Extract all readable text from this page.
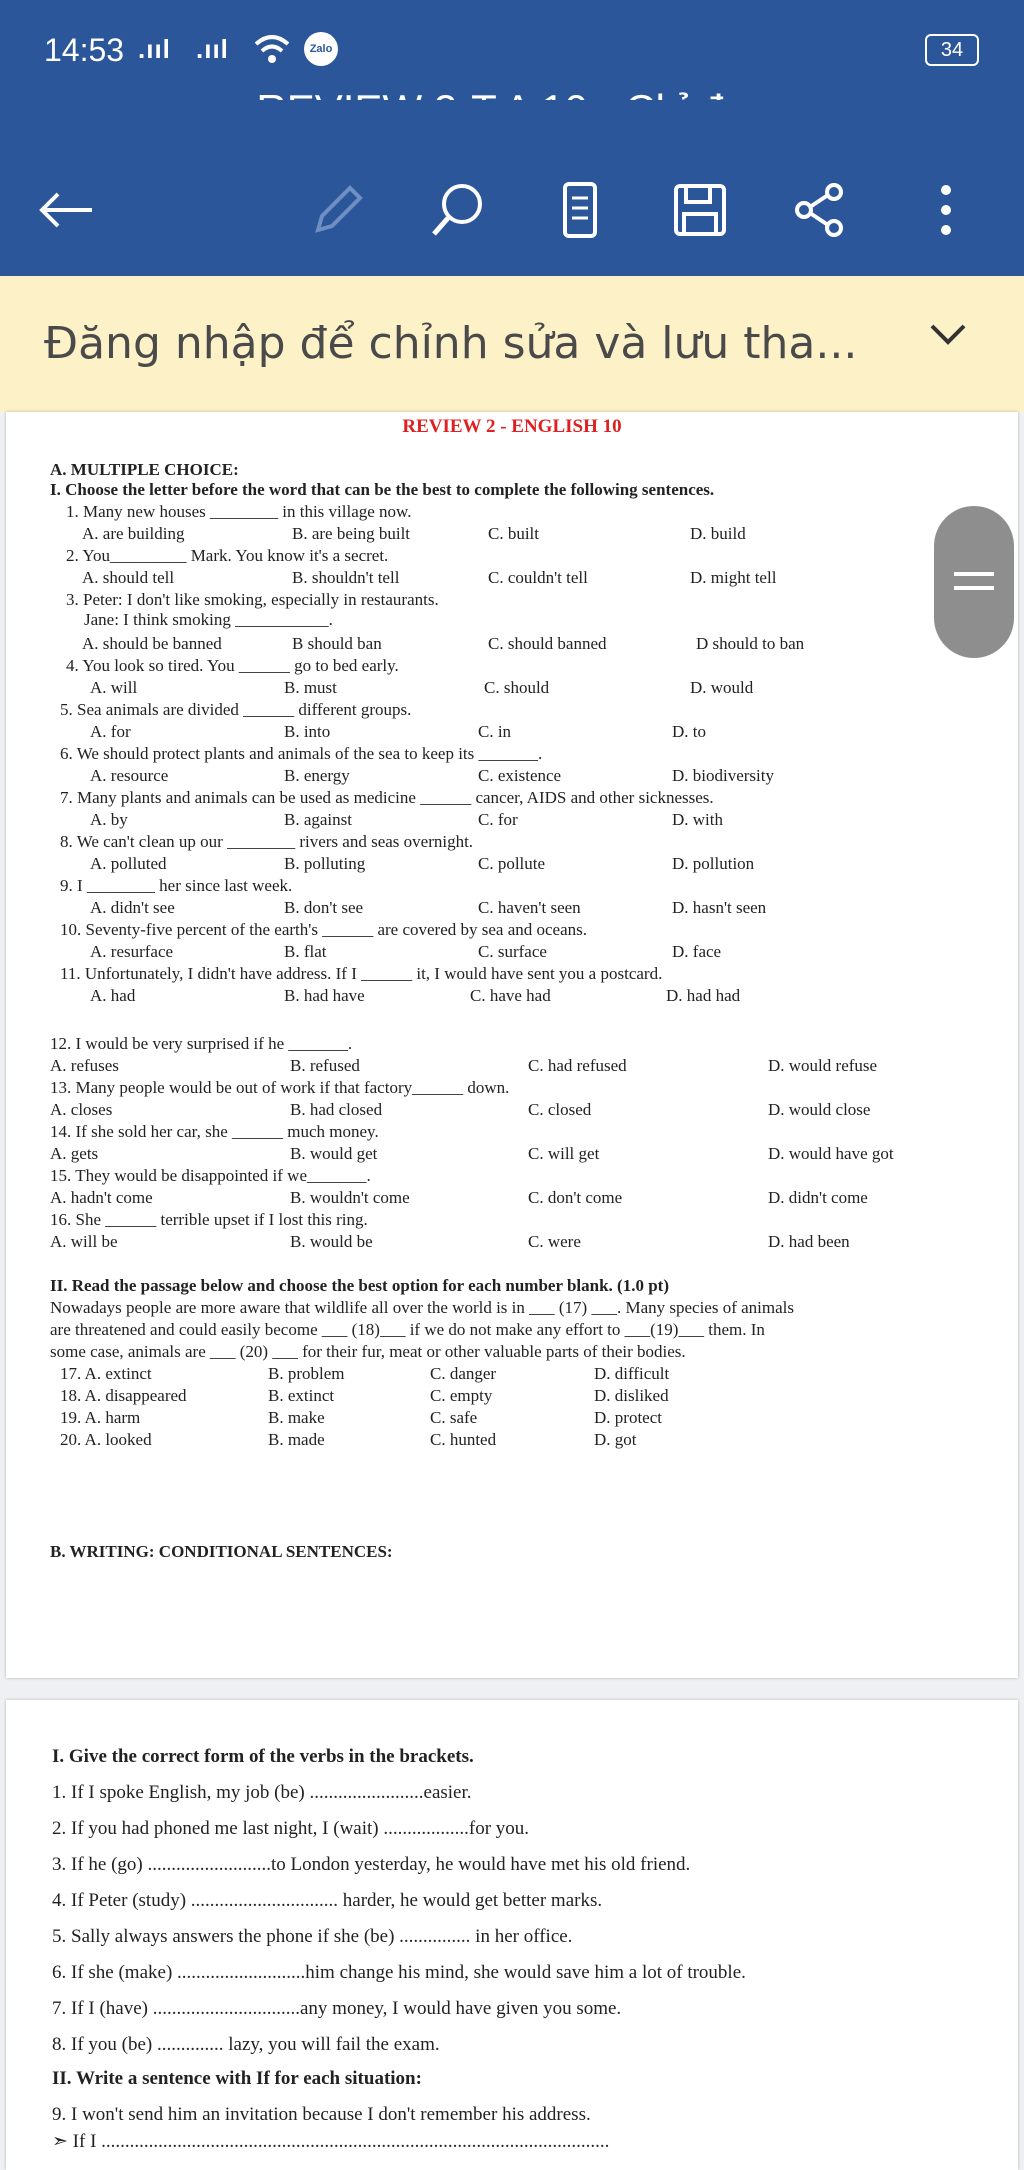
14:53 .ııl .ııl	Zalo	34
Đăng nhập để chỉnh sửa và lưu tha...
REVIEW 2 - ENGLISH 10
A. MULTIPLE CHOICE:
I. Choose the letter before the word that can be the best to complete the following sentences.
1. Many new houses ________ in this village now.
A. are building	B. are being built	C. built	D. build
2. You_________ Mark. You know it's a secret.
A. should tell	B. shouldn't tell	C. couldn't tell	D. might tell
3. Peter: I don't like smoking, especially in restaurants.
Jane: I think smoking ___________.
A. should be banned	B should ban	C. should banned	D should to ban
4. You look so tired. You ______ go to bed early.
A. will	B. must	C. should	D. would
5. Sea animals are divided ______ different groups.
A. for	B. into	C. in	D. to
6. We should protect plants and animals of the sea to keep its _______.
A. resource	B. energy	C. existence	D. biodiversity
7. Many plants and animals can be used as medicine ______ cancer, AIDS and other sicknesses.
A. by	B. against	C. for	D. with
8. We can't clean up our ________ rivers and seas overnight.
A. polluted	B. polluting	C. pollute	D. pollution
9. I ________ her since last week.
A. didn't see	B. don't see	C. haven't seen	D. hasn't seen
10. Seventy-five percent of the earth's ______ are covered by sea and oceans.
A. resurface	B. flat	C. surface	D. face
11. Unfortunately, I didn't have address. If I ______ it, I would have sent you a postcard.
A. had	B. had have	C. have had	D. had had
12. I would be very surprised if he _______.
A. refuses	B. refused	C. had refused	D. would refuse
13. Many people would be out of work if that factory______ down.
A. closes	B. had closed	C. closed	D. would close
14. If she sold her car, she ______ much money.
A. gets	B. would get	C. will get	D. would have got
15. They would be disappointed if we_______.
A. hadn't come	B. wouldn't come	C. don't come	D. didn't come
16. She ______ terrible upset if I lost this ring.
A. will be	B. would be	C. were	D. had been
II. Read the passage below and choose the best option for each number blank. (1.0 pt)
Nowadays people are more aware that wildlife all over the world is in ___ (17) ___. Many species of animals
are threatened and could easily become ___ (18)___ if we do not make any effort to ___(19)___ them. In
some case, animals are ___ (20) ___ for their fur, meat or other valuable parts of their bodies.
17. A. extinct	B. problem	C. danger	D. difficult
18. A. disappeared	B. extinct	C. empty	D. disliked
19. A. harm	B. make	C. safe	D. protect
20. A. looked	B. made	C. hunted	D. got
B. WRITING: CONDITIONAL SENTENCES:
I. Give the correct form of the verbs in the brackets.
1. If I spoke English, my job (be) ........................easier.
2. If you had phoned me last night, I (wait) ..................for you.
3. If he (go) ..........................to London yesterday, he would have met his old friend.
4. If Peter (study) ............................... harder, he would get better marks.
5. Sally always answers the phone if she (be) ............... in her office.
6. If she (make) ...........................him change his mind, she would save him a lot of trouble.
7. If I (have) ...............................any money, I would have given you some.
8. If you (be) .............. lazy, you will fail the exam.
II. Write a sentence with If for each situation:
9. I won't send him an invitation because I don't remember his address.
➣ If I ...........................................................................................................
